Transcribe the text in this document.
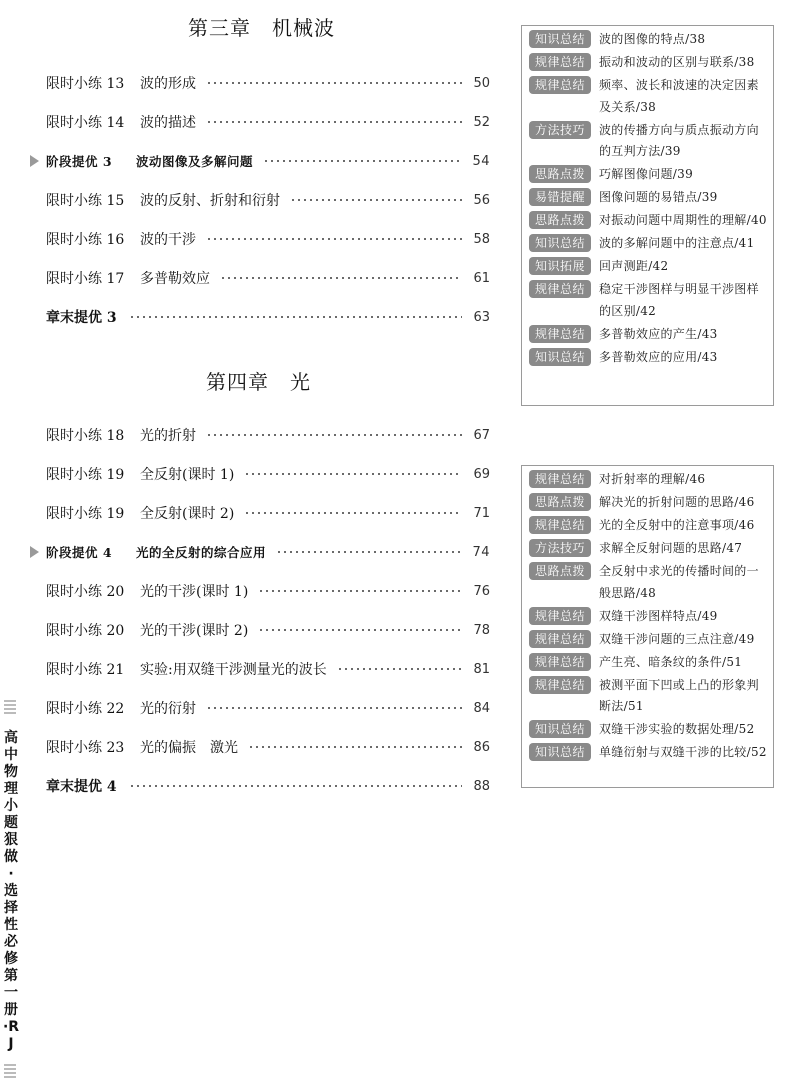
第三章　机械波
第四章　光
限时小练 13	波的形成	50
限时小练 14	波的描述	52
阶段提优 3	波动图像及多解问题	54
限时小练 15	波的反射、折射和衍射	56
限时小练 16	波的干涉	58
限时小练 17	多普勒效应	61
章末提优 3	63
限时小练 18	光的折射	67
限时小练 19	全反射(课时 1)	69
限时小练 19	全反射(课时 2)	71
阶段提优 4	光的全反射的综合应用	74
限时小练 20	光的干涉(课时 1)	76
限时小练 20	光的干涉(课时 2)	78
限时小练 21	实验:用双缝干涉测量光的波长	81
限时小练 22	光的衍射	84
限时小练 23	光的偏振　激光	86
章末提优 4	88
知识总结	波的图像的特点/38
规律总结	振动和波动的区别与联系/38
规律总结	频率、波长和波速的决定因素及关系/38
方法技巧	波的传播方向与质点振动方向的互判方法/39
思路点拨	巧解图像问题/39
易错提醒	图像问题的易错点/39
思路点拨	对振动问题中周期性的理解/40
知识总结	波的多解问题中的注意点/41
知识拓展	回声测距/42
规律总结	稳定干涉图样与明显干涉图样的区别/42
规律总结	多普勒效应的产生/43
知识总结	多普勒效应的应用/43
规律总结	对折射率的理解/46
思路点拨	解决光的折射问题的思路/46
规律总结	光的全反射中的注意事项/46
方法技巧	求解全反射问题的思路/47
思路点拨	全反射中求光的传播时间的一般思路/48
规律总结	双缝干涉图样特点/49
规律总结	双缝干涉问题的三点注意/49
规律总结	产生亮、暗条纹的条件/51
规律总结	被测平面下凹或上凸的形象判断法/51
知识总结	双缝干涉实验的数据处理/52
知识总结	单缝衍射与双缝干涉的比较/52
高中物理 小题狠做·选择性必修第一册·RJ
